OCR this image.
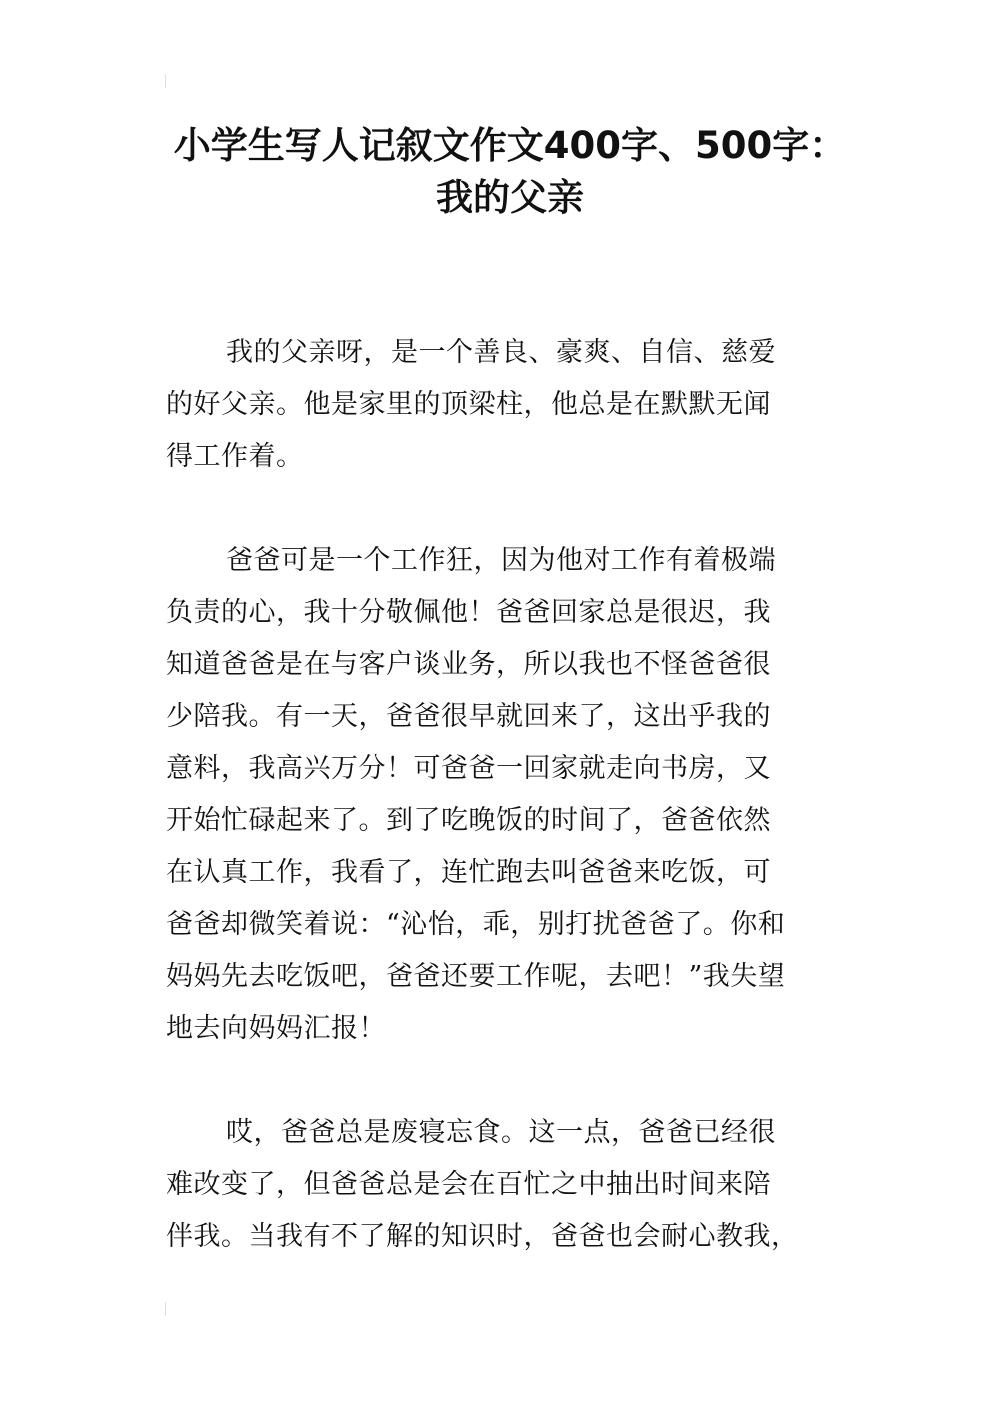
小学生写人记叙文作文400字、500字：
我的父亲
我的父亲呀，是一个善良、豪爽、自信、慈爱
的好父亲。他是家里的顶梁柱，他总是在默默无闻
得工作着。
爸爸可是一个工作狂，因为他对工作有着极端
负责的心，我十分敬佩他！爸爸回家总是很迟，我
知道爸爸是在与客户谈业务，所以我也不怪爸爸很
少陪我。有一天，爸爸很早就回来了，这出乎我的
意料，我高兴万分！可爸爸一回家就走向书房，又
开始忙碌起来了。到了吃晚饭的时间了，爸爸依然
在认真工作，我看了，连忙跑去叫爸爸来吃饭，可
爸爸却微笑着说：“沁怡，乖，别打扰爸爸了。你和
妈妈先去吃饭吧，爸爸还要工作呢，去吧！”我失望
地去向妈妈汇报！
哎，爸爸总是废寝忘食。这一点，爸爸已经很
难改变了，但爸爸总是会在百忙之中抽出时间来陪
伴我。当我有不了解的知识时，爸爸也会耐心教我，
